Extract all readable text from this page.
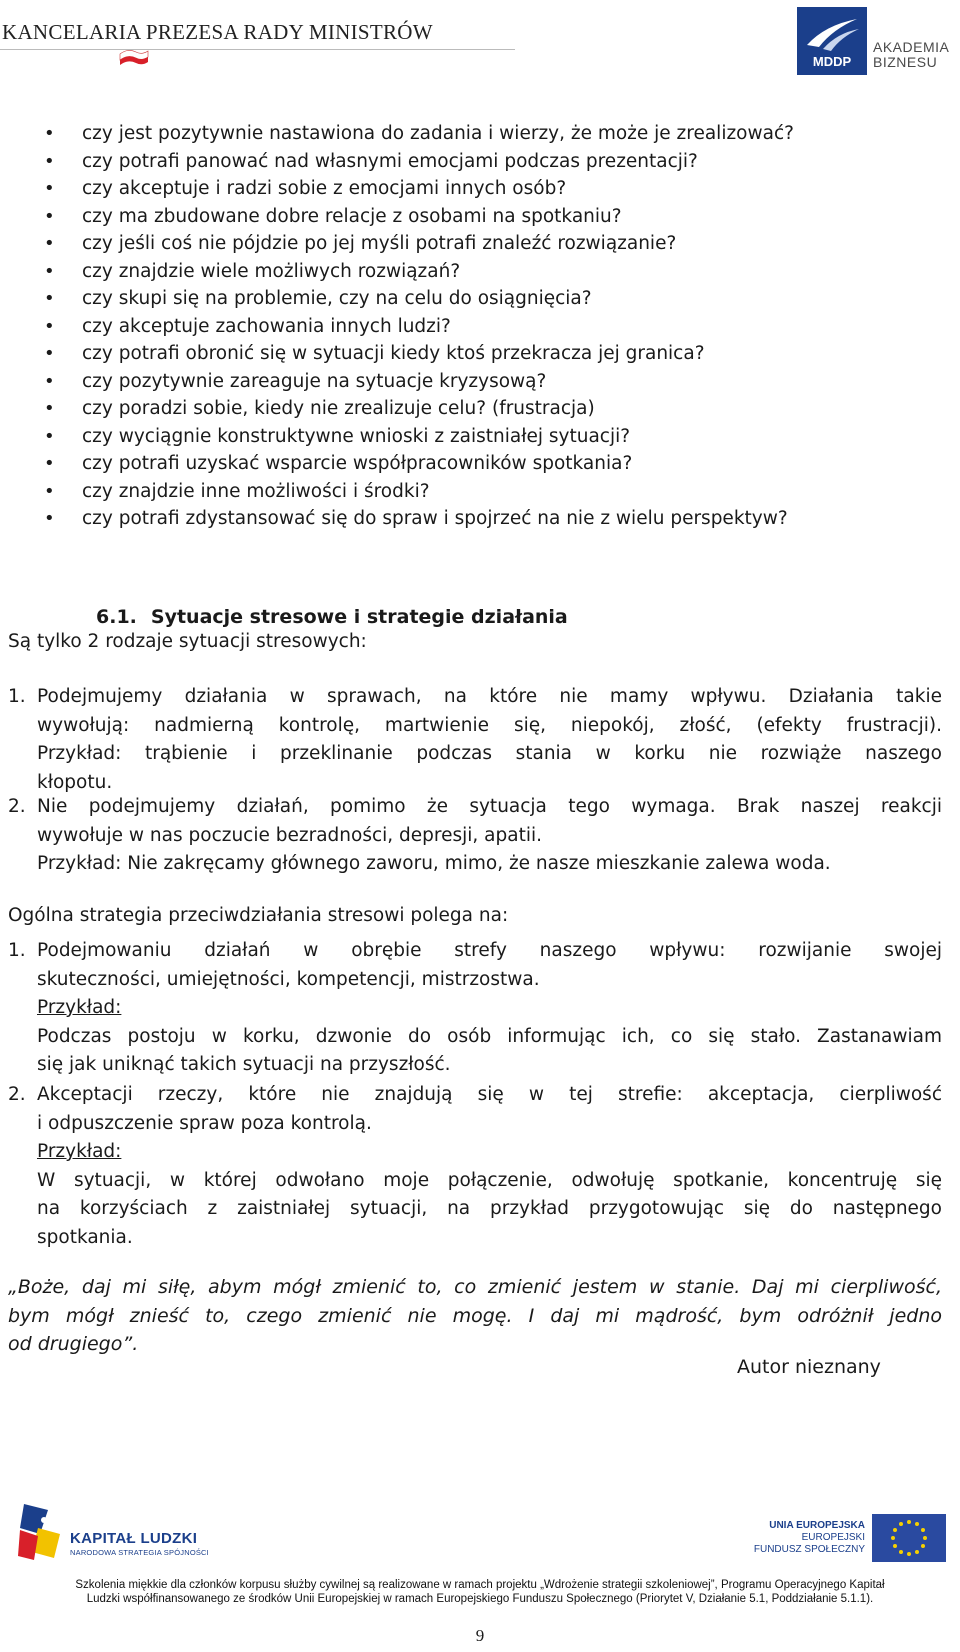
KANCELARIA PREZESA RADY MINISTRÓW
MDDP
AKADEMIA
BIZNESU
• czy jest pozytywnie nastawiona do zadania i wierzy, że może je zrealizować?
• czy potrafi panować nad własnymi emocjami podczas prezentacji?
• czy akceptuje i radzi sobie z emocjami innych osób?
• czy ma zbudowane dobre relacje z osobami na spotkaniu?
• czy jeśli coś nie pójdzie po jej myśli potrafi znaleźć rozwiązanie?
• czy znajdzie wiele możliwych rozwiązań?
• czy skupi się na problemie, czy na celu do osiągnięcia?
• czy akceptuje zachowania innych ludzi?
• czy potrafi obronić się w sytuacji kiedy ktoś przekracza jej granica?
• czy pozytywnie zareaguje na sytuacje kryzysową?
• czy poradzi sobie, kiedy nie zrealizuje celu? (frustracja)
• czy wyciągnie konstruktywne wnioski z zaistniałej sytuacji?
• czy potrafi uzyskać wsparcie współpracowników spotkania?
• czy znajdzie inne możliwości i środki?
• czy potrafi zdystansować się do spraw i spojrzeć na nie z wielu perspektyw?
6.1. Sytuacje stresowe i strategie działania
Są tylko 2 rodzaje sytuacji stresowych:
1. Podejmujemy działania w sprawach, na które nie mamy wpływu. Działania takie
wywołują: nadmierną kontrolę, martwienie się, niepokój, złość, (efekty frustracji).
Przykład: trąbienie i przeklinanie podczas stania w korku nie rozwiąże naszego
kłopotu.
2. Nie podejmujemy działań, pomimo że sytuacja tego wymaga. Brak naszej reakcji
wywołuje w nas poczucie bezradności, depresji, apatii.
Przykład: Nie zakręcamy głównego zaworu, mimo, że nasze mieszkanie zalewa woda.
Ogólna strategia przeciwdziałania stresowi polega na:
1. Podejmowaniu działań w obrębie strefy naszego wpływu: rozwijanie swojej
skuteczności, umiejętności, kompetencji, mistrzostwa.
Przykład:
Podczas postoju w korku, dzwonie do osób informując ich, co się stało. Zastanawiam
się jak uniknąć takich sytuacji na przyszłość.
2. Akceptacji rzeczy, które nie znajdują się w tej strefie: akceptacja, cierpliwość
i odpuszczenie spraw poza kontrolą.
Przykład:
W sytuacji, w której odwołano moje połączenie, odwołuję spotkanie, koncentruję się
na korzyściach z zaistniałej sytuacji, na przykład przygotowując się do następnego
spotkania.
„Boże, daj mi siłę, abym mógł zmienić to, co zmienić jestem w stanie. Daj mi cierpliwość,
bym mógł znieść to, czego zmienić nie mogę. I daj mi mądrość, bym odróżnił jedno
od drugiego”.
Autor nieznany
KAPITAŁ LUDZKI
NARODOWA STRATEGIA SPÓJNOŚCI
UNIA EUROPEJSKA
EUROPEJSKI
FUNDUSZ SPOŁECZNY
Szkolenia miękkie dla członków korpusu służby cywilnej są realizowane w ramach projektu „Wdrożenie strategii szkoleniowej”, Programu Operacyjnego Kapitał
Ludzki współfinansowanego ze środków Unii Europejskiej w ramach Europejskiego Funduszu Społecznego (Priorytet V, Działanie 5.1, Poddziałanie 5.1.1).
9
